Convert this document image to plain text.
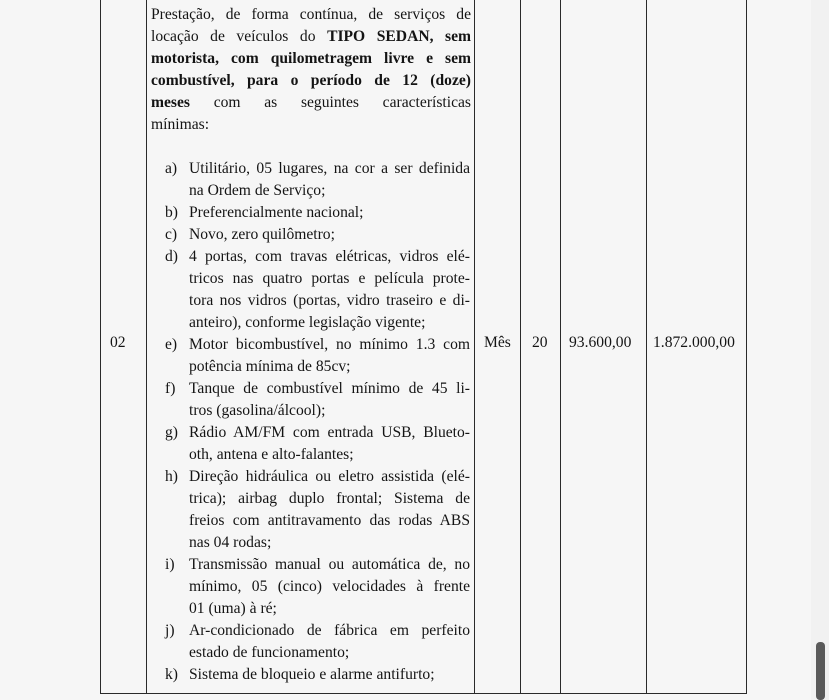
02	Mês 20 93.600,00 1.872.000,00

Prestação, de forma contínua, de serviços de

locação de veículos do TIPO SEDAN, sem

motorista, com quilometragem livre e sem

combustível, para o período de 12 (doze)

meses com as seguintes características

mínimas:

a) Utilitário, 05 lugares, na cor a ser definida
na Ordem de Serviço;
b) Preferencialmente nacional;
c) Novo, zero quilômetro;
d) 4 portas, com travas elétricas, vidros elé-
tricos nas quatro portas e película prote-
tora nos vidros (portas, vidro traseiro e di-
anteiro), conforme legislação vigente;
e) Motor bicombustível, no mínimo 1.3 com
potência mínima de 85cv;
f) Tanque de combustível mínimo de 45 li-
tros (gasolina/álcool);
g) Rádio AM/FM com entrada USB, Blueto-
oth, antena e alto-falantes;
h) Direção hidráulica ou eletro assistida (elé-
trica); airbag duplo frontal; Sistema de
freios com antitravamento das rodas ABS
nas 04 rodas;
i) Transmissão manual ou automática de, no
mínimo, 05 (cinco) velocidades à frente
01 (uma) à ré;
j) Ar-condicionado de fábrica em perfeito
estado de funcionamento;
k) Sistema de bloqueio e alarme antifurto;
